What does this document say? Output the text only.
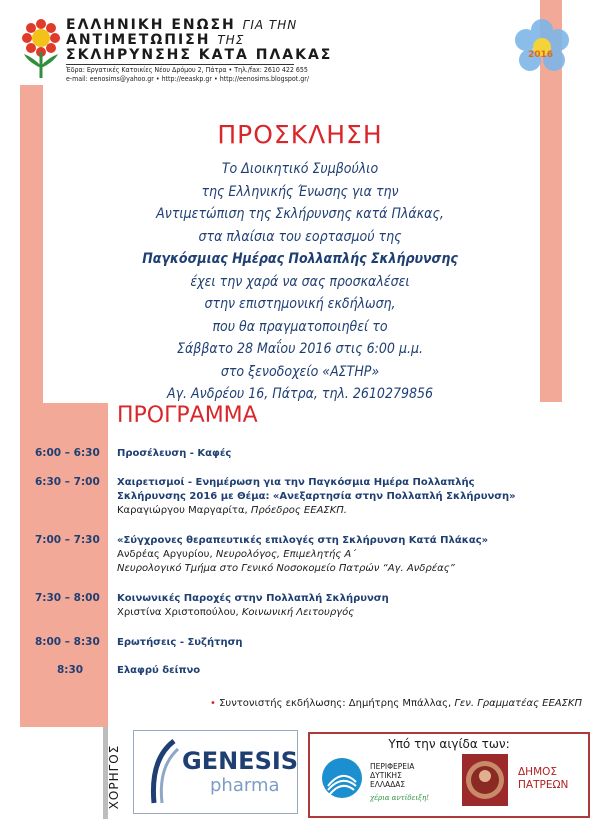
ΕΛΛΗΝΙΚΗ ΕΝΩΣΗ ΓΙΑ ΤΗΝ
ΑΝΤΙΜΕΤΩΠΙΣΗ ΤΗΣ
ΣΚΛΗΡΥΝΣΗΣ ΚΑΤΑ ΠΛΑΚΑΣ
Έδρα: Εργατικές Κατοικίες Νέου Δρόμου 2, Πάτρα • Τηλ./fax: 2610 422 655
e-mail: eenosims@yahoo.gr • http://eeaskp.gr • http://eenosims.blogspot.gr/
2016
ΠΡΟΣΚΛΗΣΗ
Το Διοικητικό Συμβούλιο
της Ελληνικής Ένωσης για την
Αντιμετώπιση της Σκλήρυνσης κατά Πλάκας,
στα πλαίσια του εορτασμού της
Παγκόσμιας Ημέρας Πολλαπλής Σκλήρυνσης
έχει την χαρά να σας προσκαλέσει
στην επιστημονική εκδήλωση,
που θα πραγματοποιηθεί το
Σάββατο 28 Μαΐου 2016 στις 6:00 μ.μ.
στο ξενοδοχείο «ΑΣΤΗΡ»
Αγ. Ανδρέου 16, Πάτρα, τηλ. 2610279856
ΠΡΟΓΡΑΜΜΑ
6:00 – 6:30 Προσέλευση - Καφές
6:30 – 7:00 Χαιρετισμοί - Ενημέρωση για την Παγκόσμια Ημέρα Πολλαπλής
Σκλήρυνσης 2016 με Θέμα: «Ανεξαρτησία στην Πολλαπλή Σκλήρυνση»
Καραγιώργου Μαργαρίτα, Πρόεδρος ΕΕΑΣΚΠ.
7:00 – 7:30 «Σύγχρονες θεραπευτικές επιλογές στη Σκλήρυνση Κατά Πλάκας»
Ανδρέας Αργυρίου, Νευρολόγος, Επιμελητής Α΄
Νευρολογικό Τμήμα στο Γενικό Νοσοκομείο Πατρών “Αγ. Ανδρέας”
7:30 – 8:00 Κοινωνικές Παροχές στην Πολλαπλή Σκλήρυνση
Χριστίνα Χριστοπούλου, Κοινωνική Λειτουργός
8:00 – 8:30 Ερωτήσεις - Συζήτηση
8:30	Ελαφρύ δείπνο
• Συντονιστής εκδήλωσης: Δημήτρης Μπάλλας, Γεν. Γραμματέας ΕΕΑΣΚΠ
ΧΟΡΗΓΟΣ	GENESIS
pharma
Υπό την αιγίδα των:
ΠΕΡΙΦΕΡΕΙΑ
ΔΥΤΙΚΗΣ
ΕΛΛΑΔΑΣ
χέρια αντίδειξη!
ΔΗΜΟΣ
ΠΑΤΡΕΩΝ
